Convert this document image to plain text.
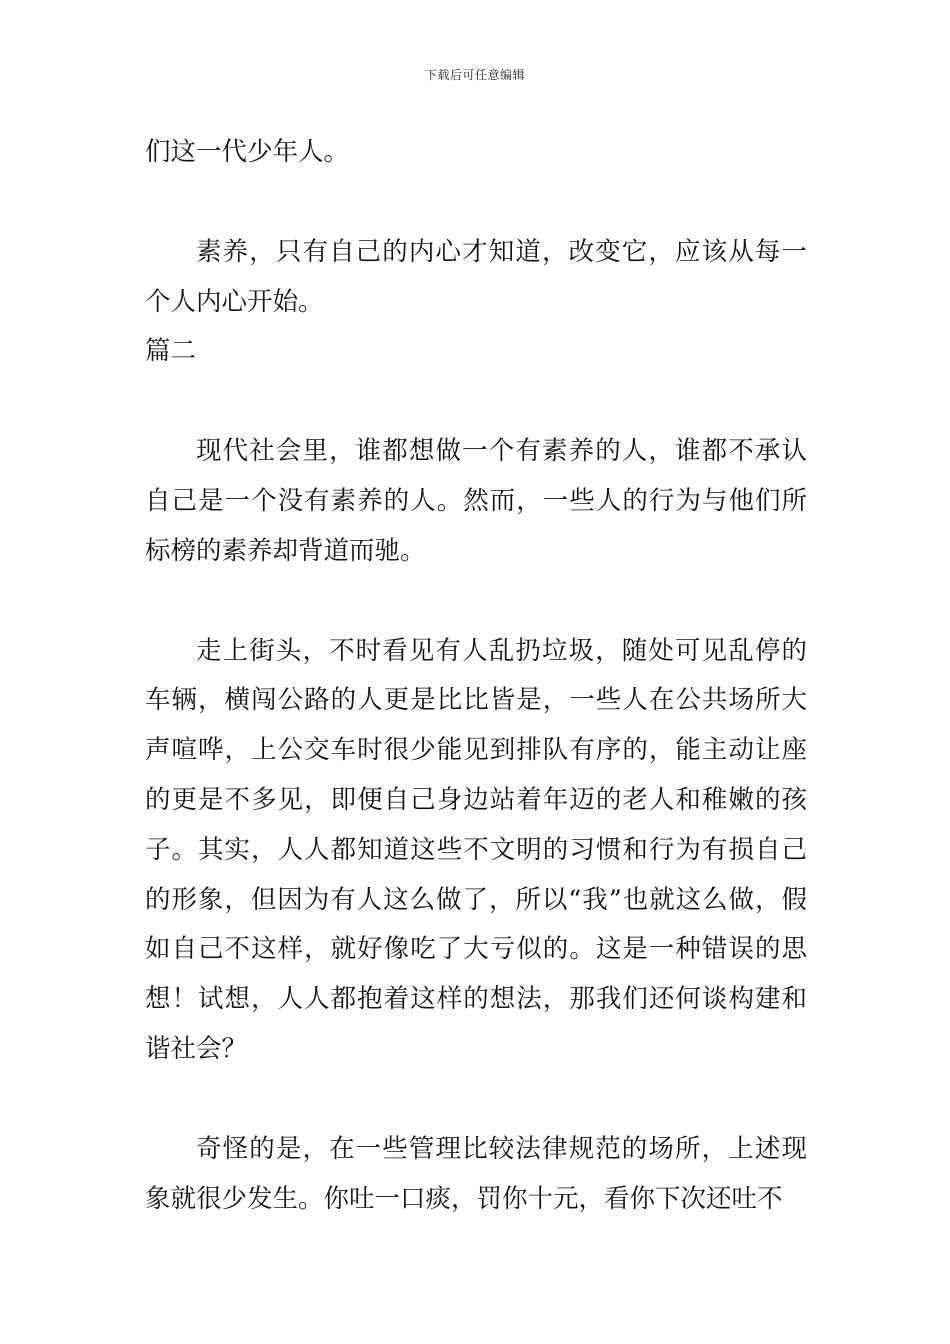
下载后可任意编辑

们这一代少年人。

素养，只有自己的内心才知道，改变它，应该从每一个人内心开始。

篇二

现代社会里，谁都想做一个有素养的人，谁都不承认自己是一个没有素养的人。然而，一些人的行为与他们所标榜的素养却背道而驰。

走上街头，不时看见有人乱扔垃圾，随处可见乱停的车辆，横闯公路的人更是比比皆是，一些人在公共场所大声喧哗，上公交车时很少能见到排队有序的，能主动让座的更是不多见，即便自己身边站着年迈的老人和稚嫩的孩子。其实，人人都知道这些不文明的习惯和行为有损自己的形象，但因为有人这么做了，所以“我”也就这么做，假如自己不这样，就好像吃了大亏似的。这是一种错误的思想！试想，人人都抱着这样的想法，那我们还何谈构建和谐社会？

奇怪的是，在一些管理比较法律规范的场所，上述现象就很少发生。你吐一口痰，罚你十元，看你下次还吐不
